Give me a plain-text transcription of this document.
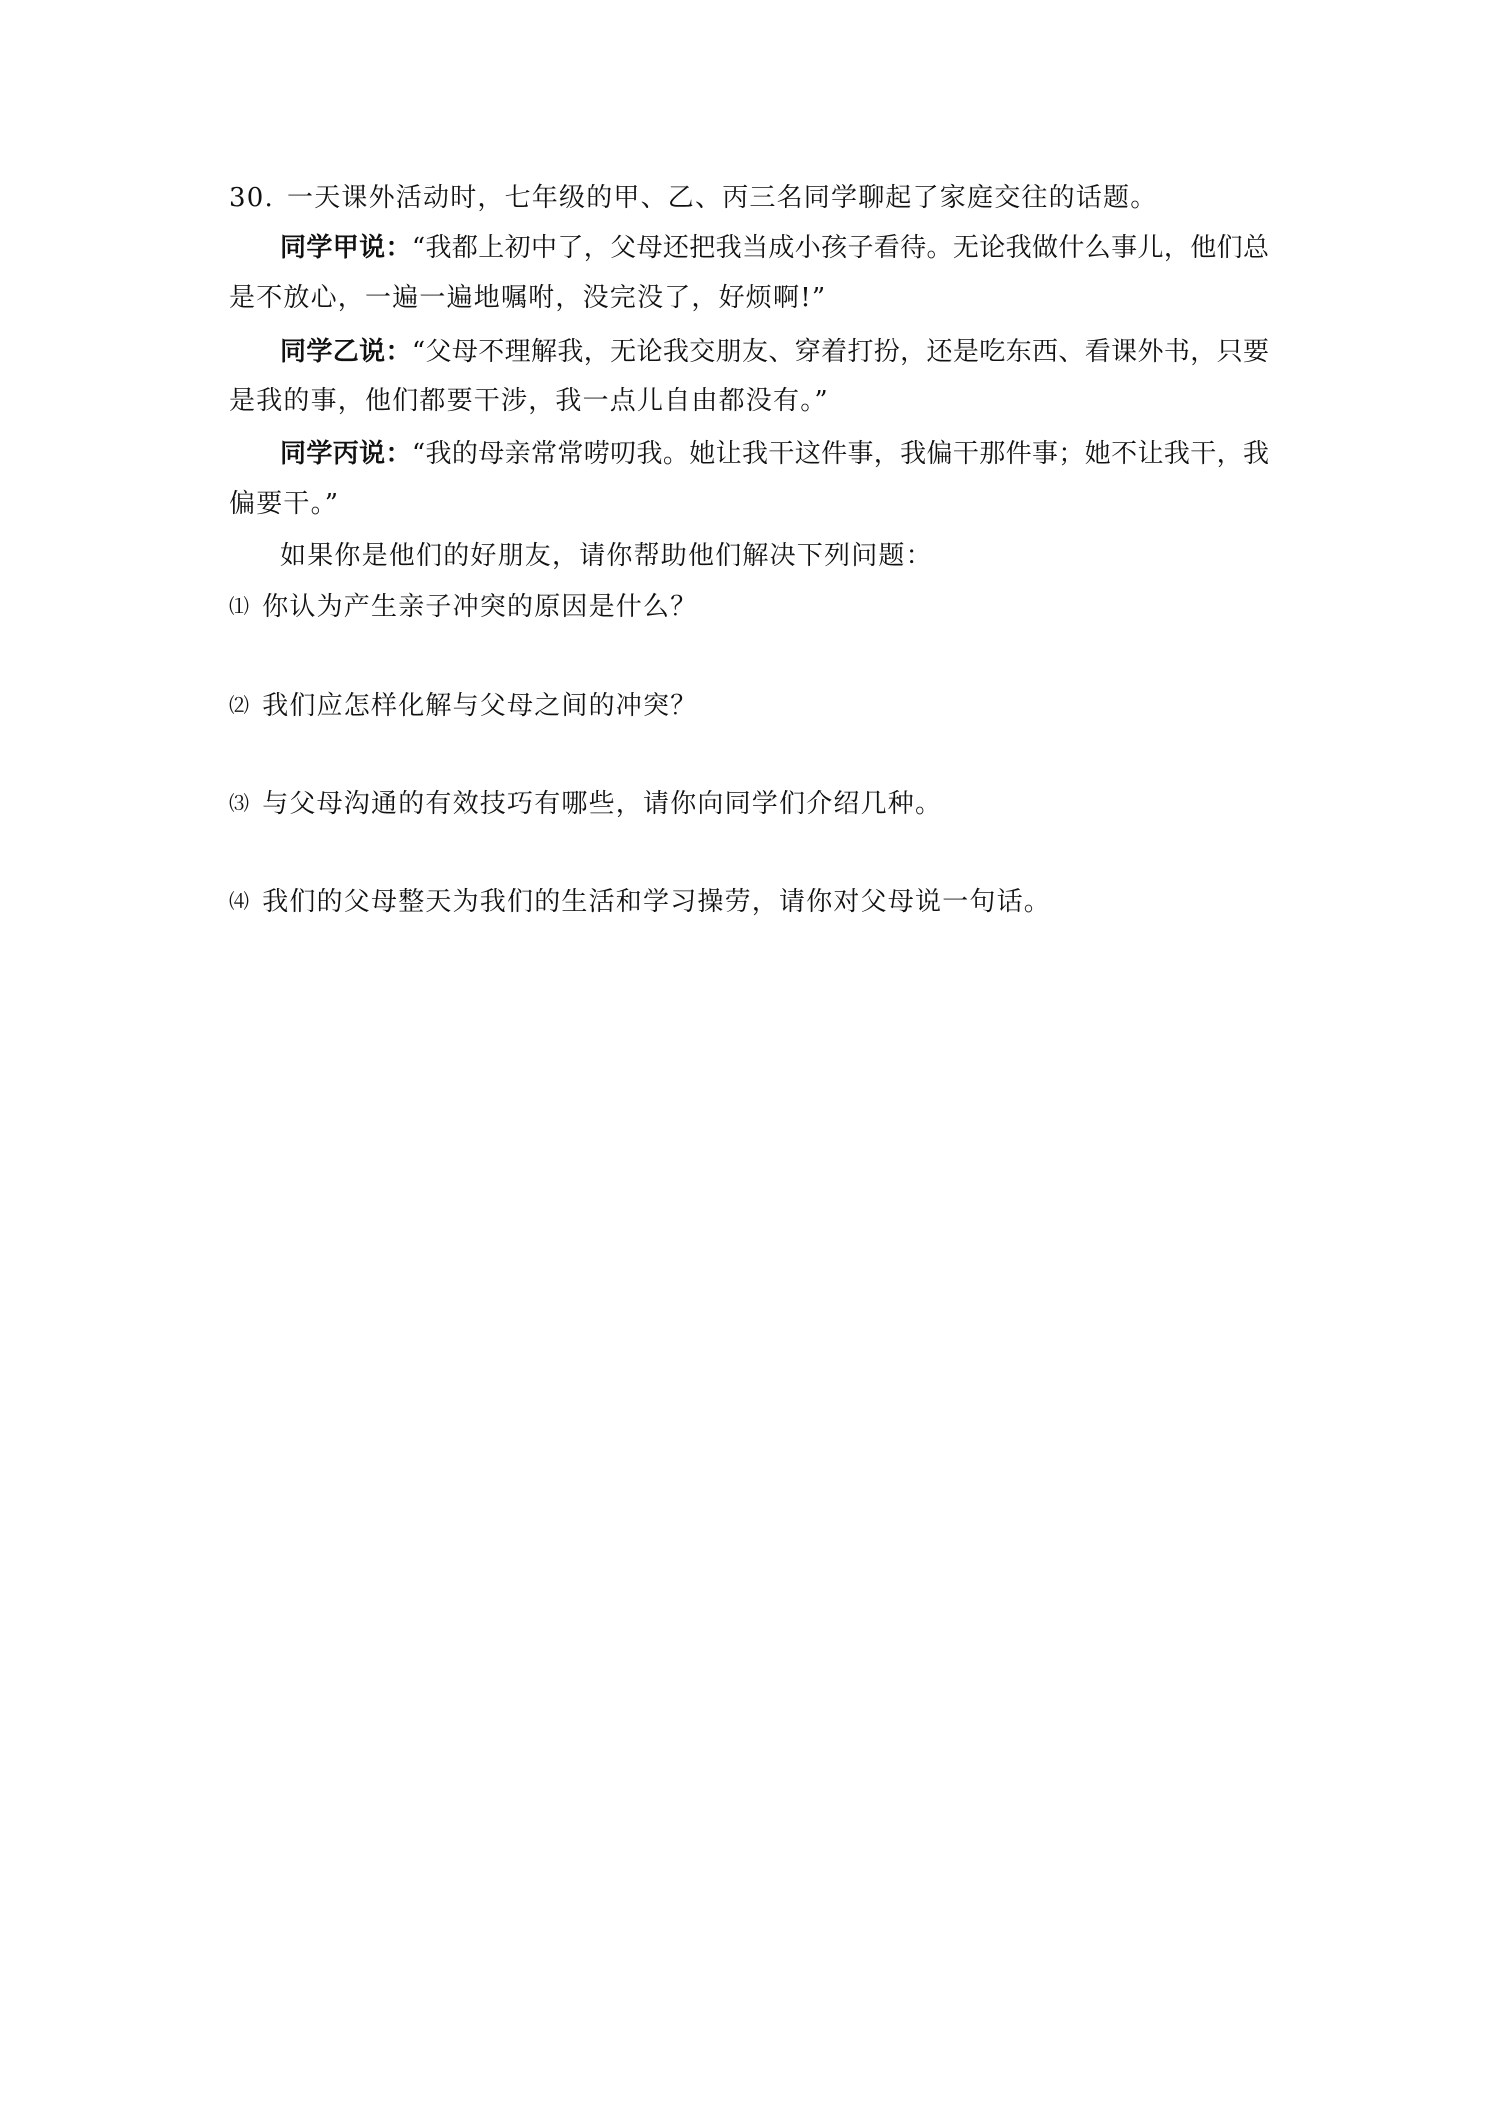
30. 一天课外活动时，七年级的甲、乙、丙三名同学聊起了家庭交往的话题。
同学甲说：“我都上初中了，父母还把我当成小孩子看待。无论我做什么事儿，他们总
是不放心，一遍一遍地嘱咐，没完没了，好烦啊!”
同学乙说：“父母不理解我，无论我交朋友、穿着打扮，还是吃东西、看课外书，只要
是我的事，他们都要干涉，我一点儿自由都没有。”
同学丙说：“我的母亲常常唠叨我。她让我干这件事，我偏干那件事；她不让我干，我
偏要干。”
如果你是他们的好朋友，请你帮助他们解决下列问题：
⑴ 你认为产生亲子冲突的原因是什么？
⑵ 我们应怎样化解与父母之间的冲突？
⑶ 与父母沟通的有效技巧有哪些，请你向同学们介绍几种。
⑷ 我们的父母整天为我们的生活和学习操劳，请你对父母说一句话。
